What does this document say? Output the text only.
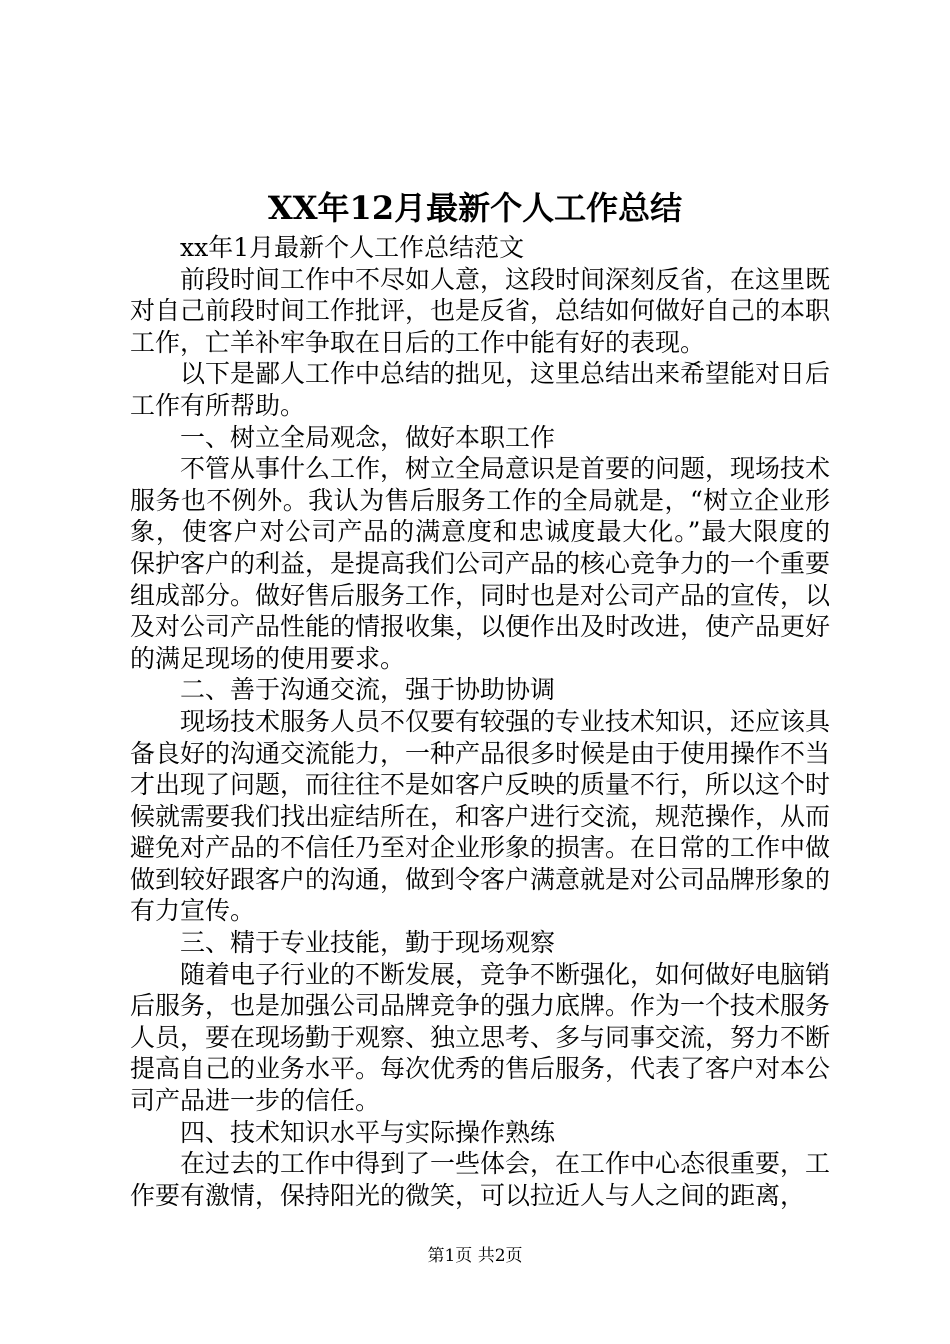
XX年12月最新个人工作总结

xx年1月最新个人工作总结范文

前段时间工作中不尽如人意，这段时间深刻反省，在这里既对自己前段时间工作批评，也是反省，总结如何做好自己的本职工作，亡羊补牢争取在日后的工作中能有好的表现。

以下是鄙人工作中总结的拙见，这里总结出来希望能对日后工作有所帮助。

一、树立全局观念，做好本职工作

不管从事什么工作，树立全局意识是首要的问题，现场技术服务也不例外。我认为售后服务工作的全局就是，“树立企业形象，使客户对公司产品的满意度和忠诚度最大化。”最大限度的保护客户的利益，是提高我们公司产品的核心竞争力的一个重要组成部分。做好售后服务工作，同时也是对公司产品的宣传，以及对公司产品性能的情报收集，以便作出及时改进，使产品更好的满足现场的使用要求。

二、善于沟通交流，强于协助协调

现场技术服务人员不仅要有较强的专业技术知识，还应该具备良好的沟通交流能力，一种产品很多时候是由于使用操作不当才出现了问题，而往往不是如客户反映的质量不行，所以这个时候就需要我们找出症结所在，和客户进行交流，规范操作，从而避免对产品的不信任乃至对企业形象的损害。在日常的工作中做做到较好跟客户的沟通，做到令客户满意就是对公司品牌形象的有力宣传。

三、精于专业技能，勤于现场观察

随着电子行业的不断发展，竞争不断强化，如何做好电脑销后服务，也是加强公司品牌竞争的强力底牌。作为一个技术服务人员，要在现场勤于观察、独立思考、多与同事交流，努力不断提高自己的业务水平。每次优秀的售后服务，代表了客户对本公司产品进一步的信任。

四、技术知识水平与实际操作熟练

在过去的工作中得到了一些体会，在工作中心态很重要，工作要有激情，保持阳光的微笑，可以拉近人与人之间的距离，

第1页 共2页
